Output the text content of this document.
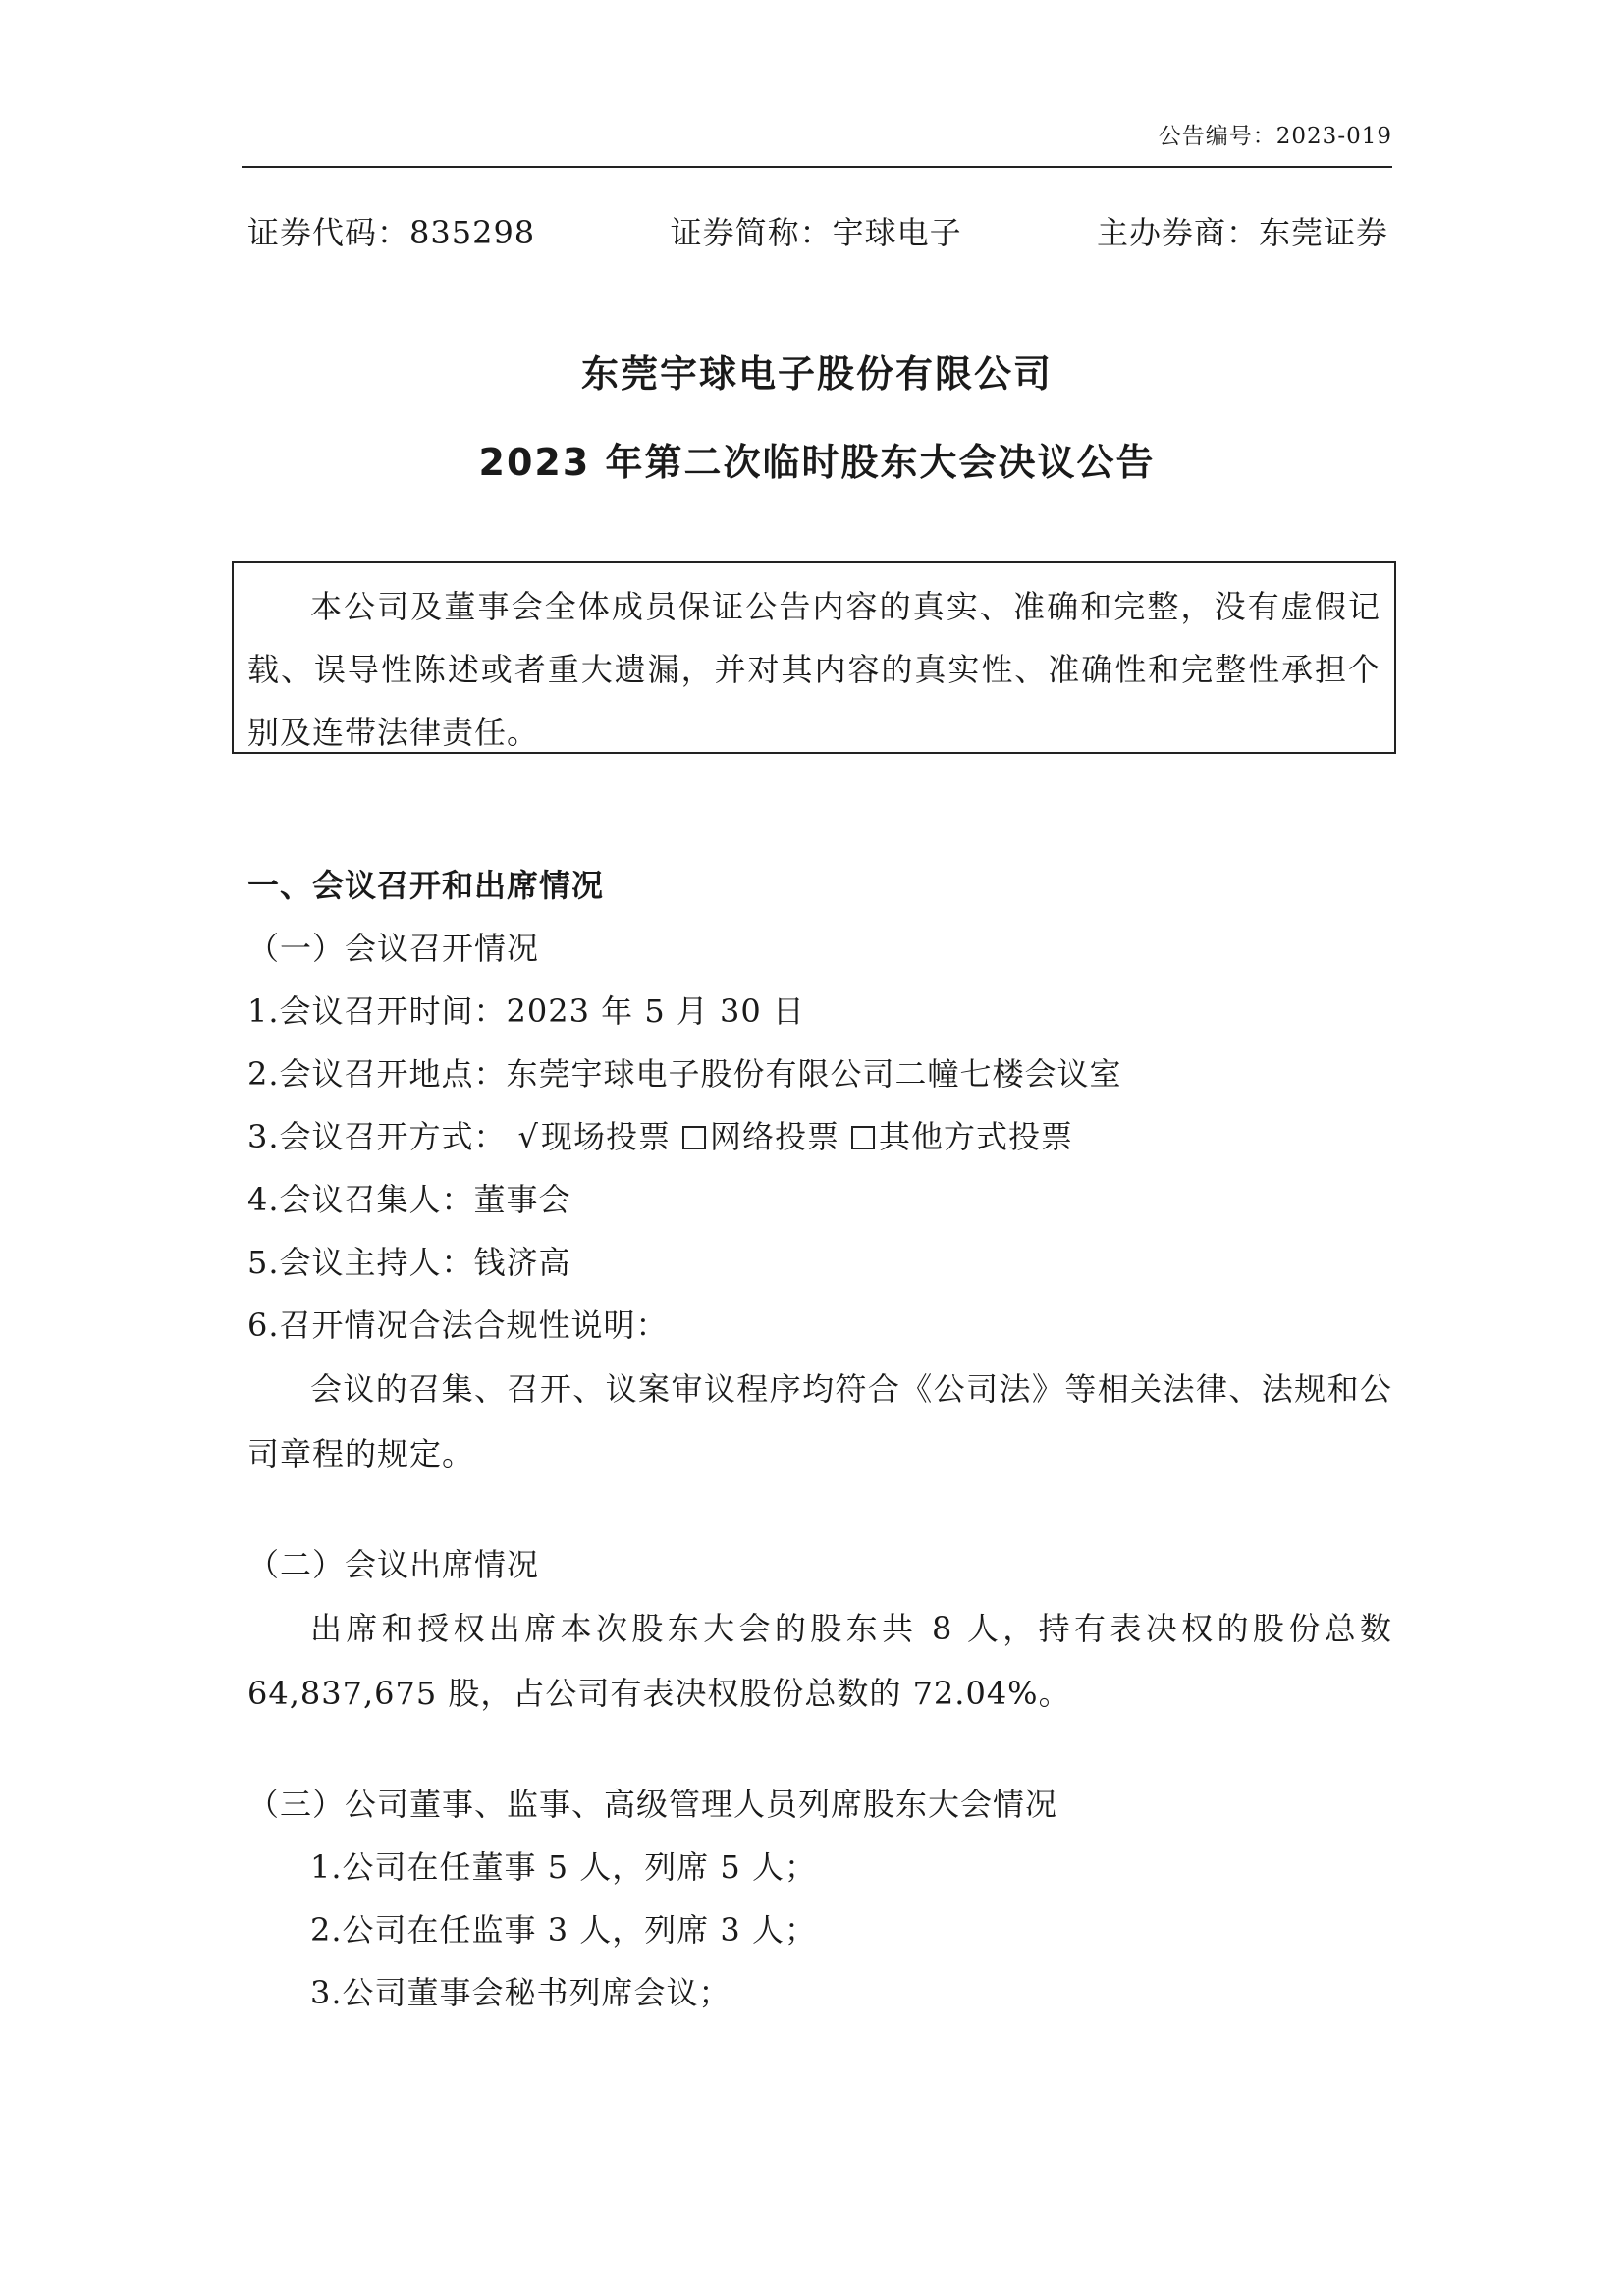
公告编号：2023-019
证券代码：835298	证券简称：宇球电子	主办券商：东莞证券
东莞宇球电子股份有限公司
2023 年第二次临时股东大会决议公告

本公司及董事会全体成员保证公告内容的真实、准确和完整，没有虚假记载、误导性陈述或者重大遗漏，并对其内容的真实性、准确性和完整性承担个别及连带法律责任。

一、会议召开和出席情况
（一）会议召开情况
1.会议召开时间：2023 年 5 月 30 日
2.会议召开地点：东莞宇球电子股份有限公司二幢七楼会议室
3.会议召开方式： √现场投票 网络投票 其他方式投票
4.会议召集人：董事会
5.会议主持人：钱济高
6.召开情况合法合规性说明：

会议的召集、召开、议案审议程序均符合《公司法》等相关法律、法规和公司章程的规定。

（二）会议出席情况

出席和授权出席本次股东大会的股东共 8 人，持有表决权的股份总数 64,837,675 股，占公司有表决权股份总数的 72.04%。

（三）公司董事、监事、高级管理人员列席股东大会情况
1.公司在任董事 5 人，列席 5 人；
2.公司在任监事 3 人，列席 3 人；
3.公司董事会秘书列席会议；
